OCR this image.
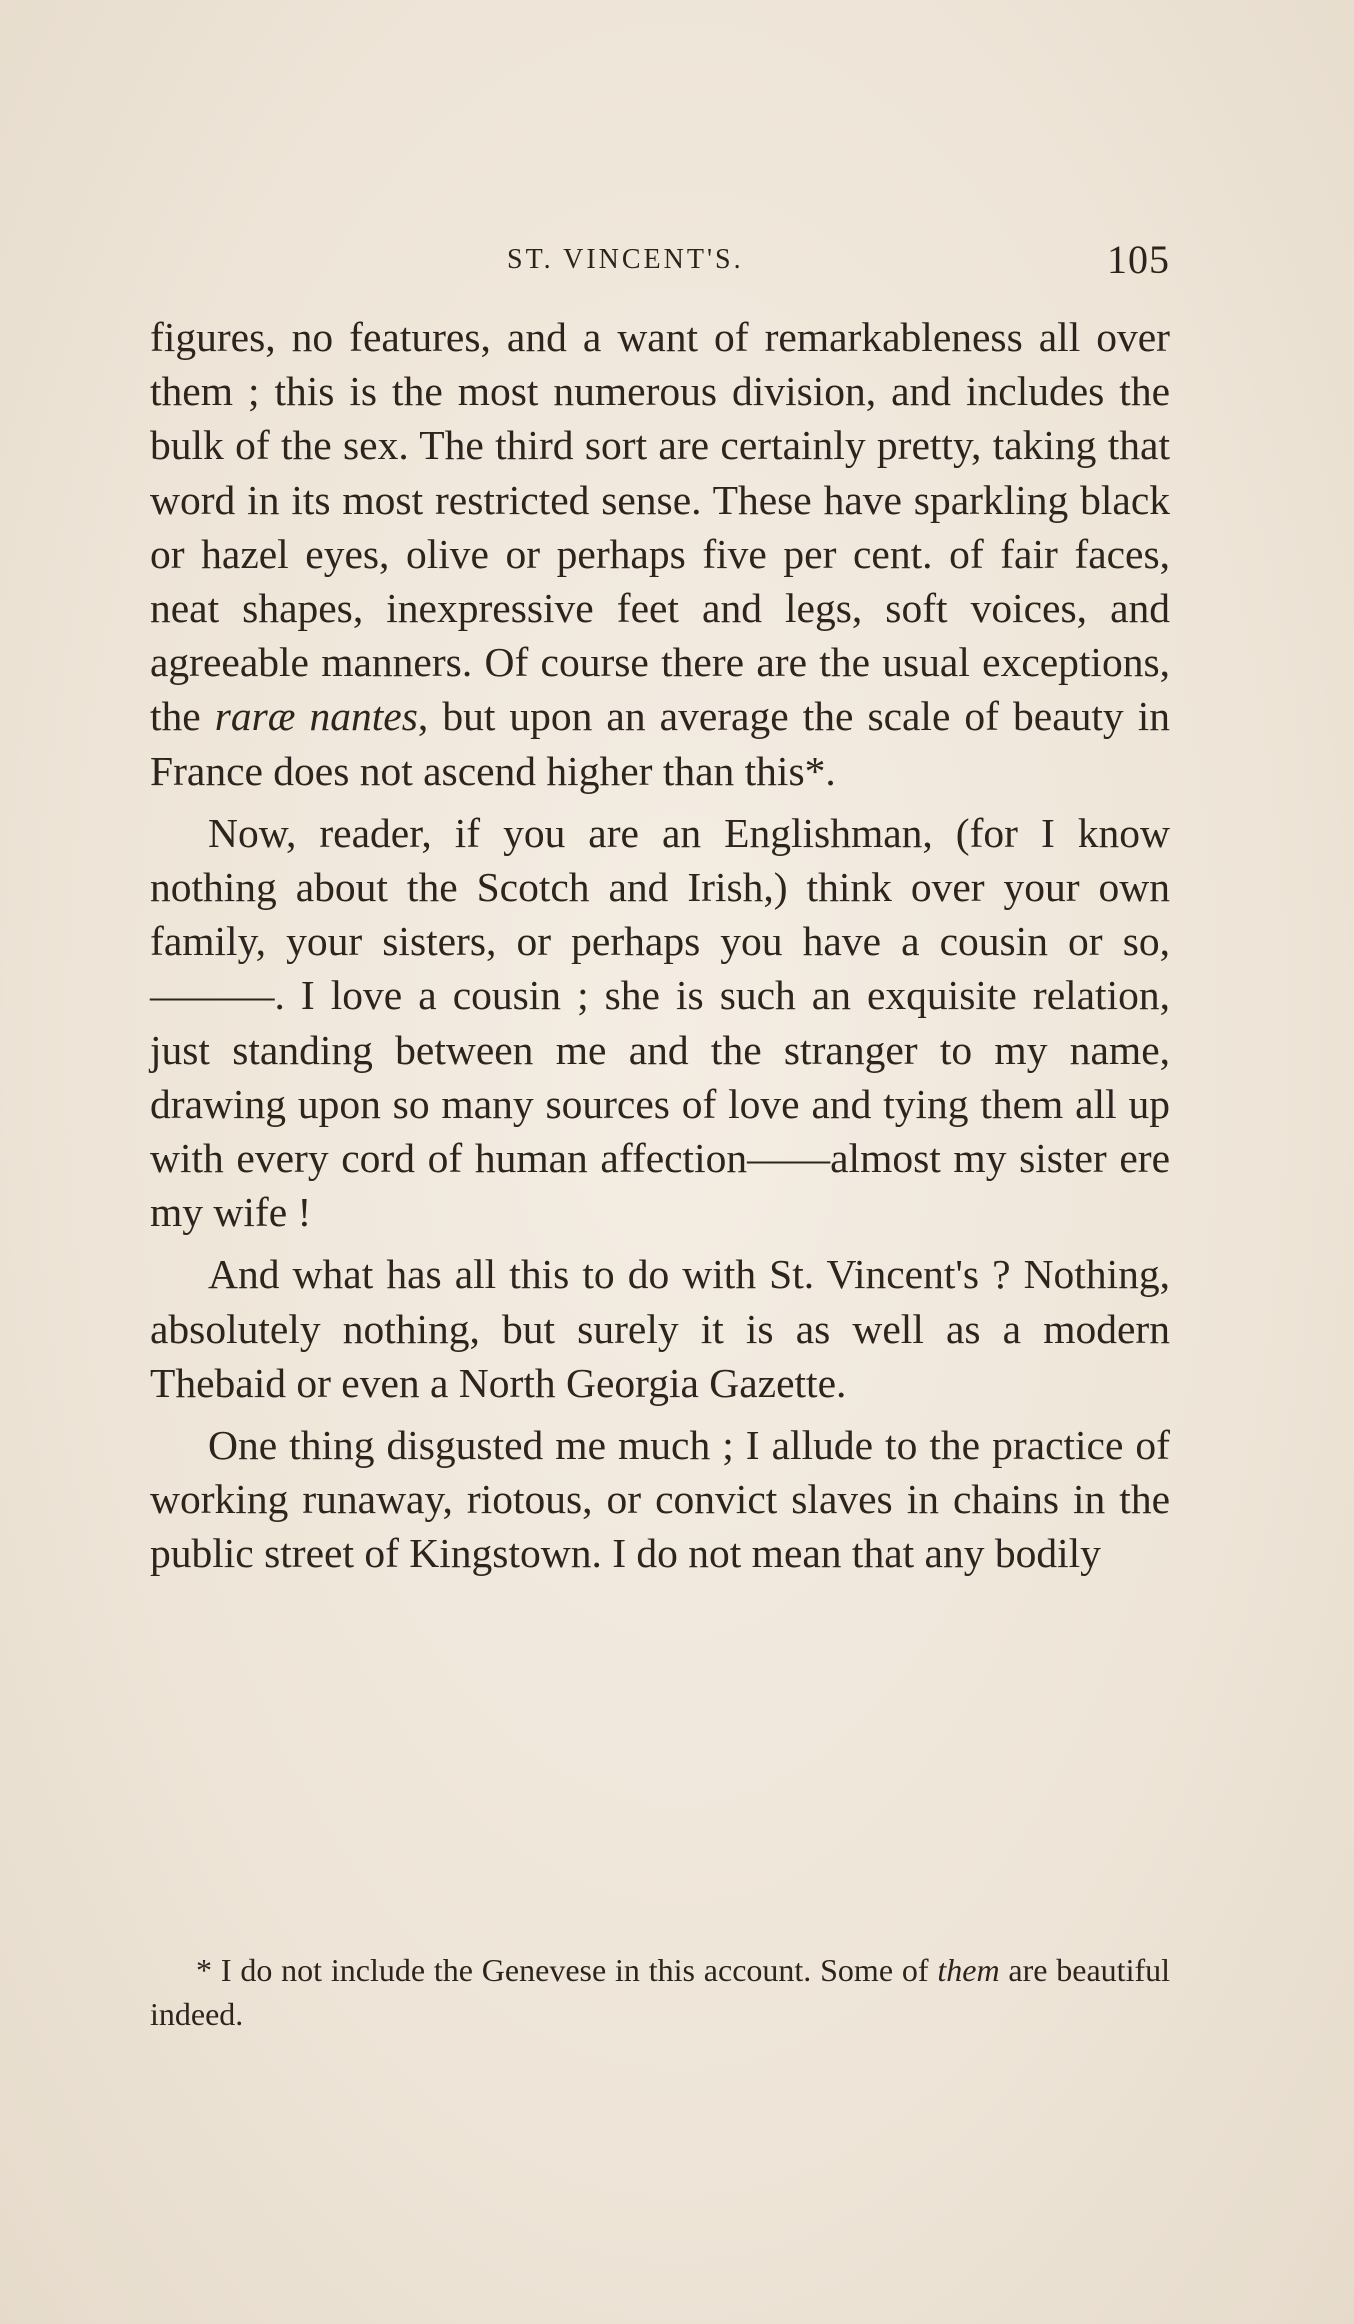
ST. VINCENT'S.	105

figures, no features, and a want of remarkableness all over them ; this is the most numerous division, and includes the bulk of the sex. The third sort are certainly pretty, taking that word in its most restricted sense. These have sparkling black or hazel eyes, olive or perhaps five per cent. of fair faces, neat shapes, inexpressive feet and legs, soft voices, and agreeable manners. Of course there are the usual exceptions, the raræ nantes, but upon an average the scale of beauty in France does not ascend higher than this*.

Now, reader, if you are an Englishman, (for I know nothing about the Scotch and Irish,) think over your own family, your sisters, or perhaps you have a cousin or so, ———. I love a cousin ; she is such an exquisite relation, just standing between me and the stranger to my name, drawing upon so many sources of love and tying them all up with every cord of human affection——almost my sister ere my wife !

And what has all this to do with St. Vincent's ? Nothing, absolutely nothing, but surely it is as well as a modern Thebaid or even a North Georgia Gazette.

One thing disgusted me much ; I allude to the practice of working runaway, riotous, or convict slaves in chains in the public street of Kingstown. I do not mean that any bodily

* I do not include the Genevese in this account. Some of them are beautiful indeed.
